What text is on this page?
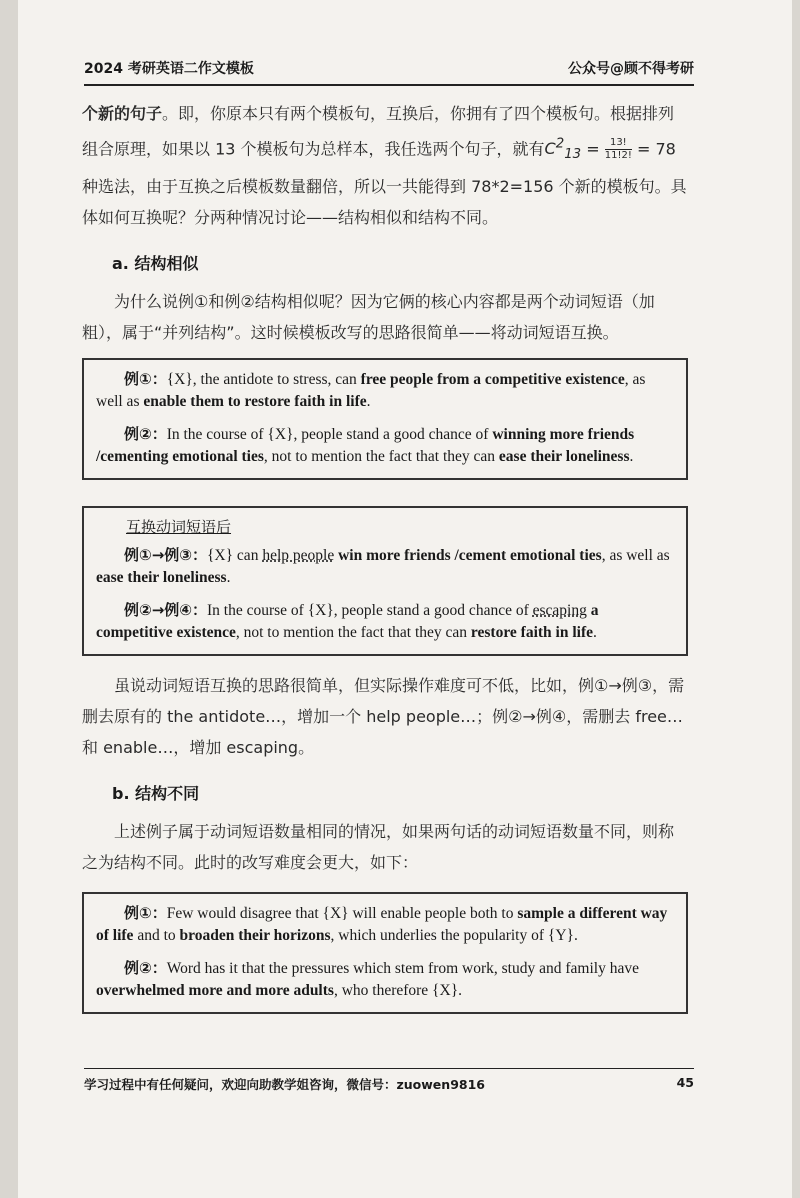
2024 考研英语二作文模板	公众号@顾不得考研

个新的句子。即，你原本只有两个模板句，互换后，你拥有了四个模板句。根据排列组合原理，如果以 13 个模板句为总样本，我任选两个句子，就有$C^2_{13} = \frac{13!}{11!2!} = 78$种选法，由于互换之后模板数量翻倍，所以一共能得到 78*2=156 个新的模板句。具体如何互换呢？分两种情况讨论——结构相似和结构不同。

a. 结构相似

为什么说例①和例②结构相似呢？因为它俩的核心内容都是两个动词短语（加粗），属于“并列结构”。这时候模板改写的思路很简单——将动词短语互换。

例①：{X}, the antidote to stress, can free people from a competitive existence, as well as enable them to restore faith in life.

例②：In the course of {X}, people stand a good chance of winning more friends /cementing emotional ties, not to mention the fact that they can ease their loneliness.

互换动词短语后

例①→例③：{X} can help people win more friends /cement emotional ties, as well as ease their loneliness.

例②→例④：In the course of {X}, people stand a good chance of escaping a competitive existence, not to mention the fact that they can restore faith in life.

虽说动词短语互换的思路很简单，但实际操作难度可不低，比如，例①→例③，需删去原有的 the antidote…，增加一个 help people…；例②→例④，需删去 free…和 enable…，增加 escaping。

b. 结构不同

上述例子属于动词短语数量相同的情况，如果两句话的动词短语数量不同，则称之为结构不同。此时的改写难度会更大，如下：

例①：Few would disagree that {X} will enable people both to sample a different way of life and to broaden their horizons, which underlies the popularity of {Y}.

例②：Word has it that the pressures which stem from work, study and family have overwhelmed more and more adults, who therefore {X}.

学习过程中有任何疑问，欢迎向助教学姐咨询，微信号：zuowen9816	45
